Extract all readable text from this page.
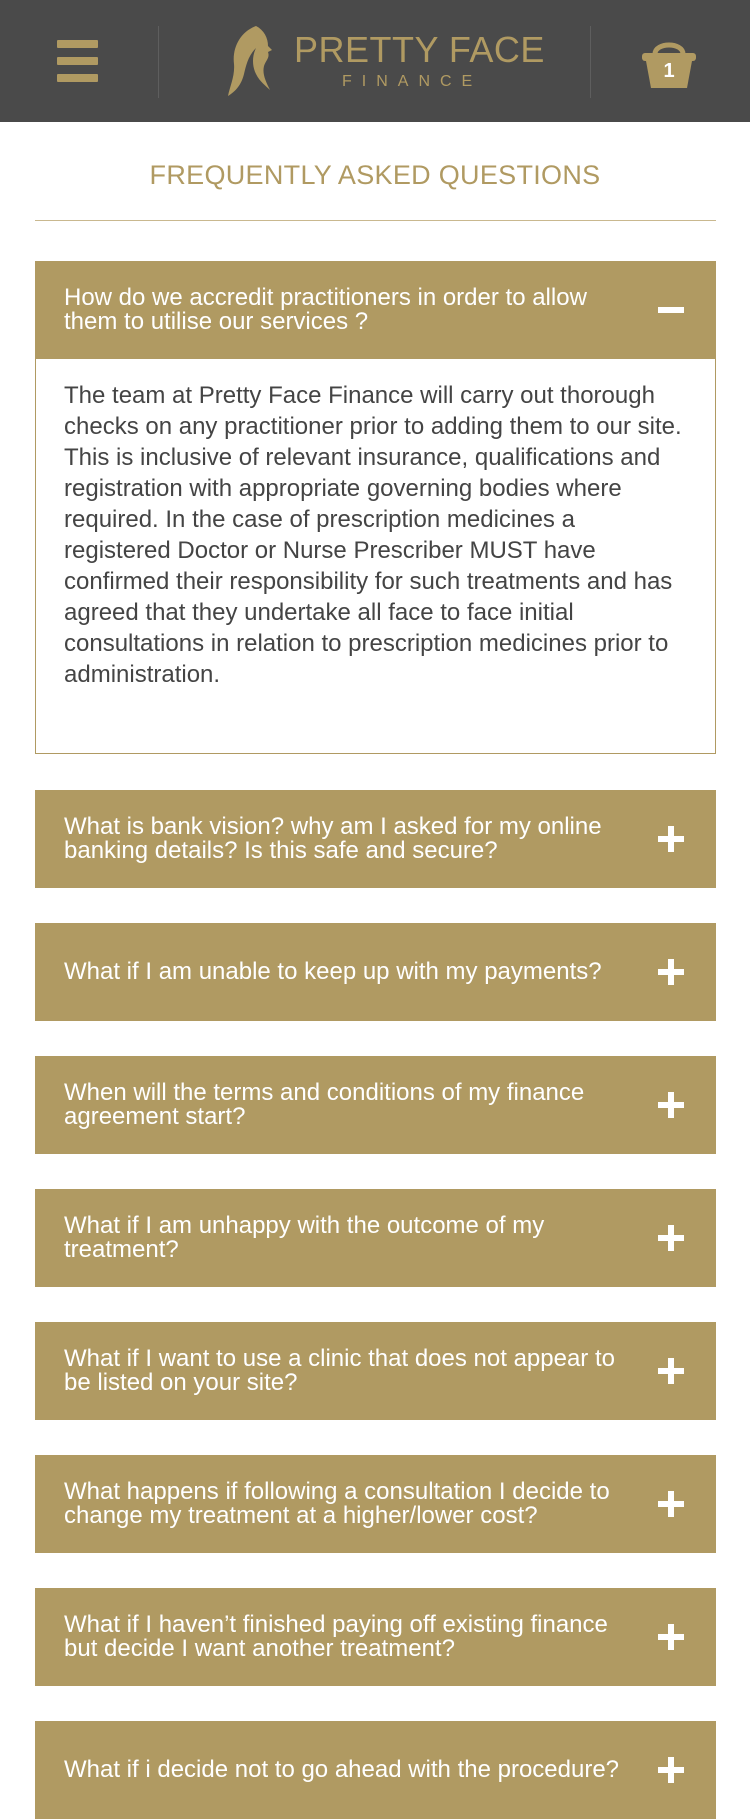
PRETTY FACE
FINANCE	1
FREQUENTLY ASKED QUESTIONS
How do we accredit practitioners in order to allow them to utilise our services ?

The team at Pretty Face Finance will carry out thorough checks on any practitioner prior to adding them to our site. This is inclusive of relevant insurance, qualifications and registration with appropriate governing bodies where required. In the case of prescription medicines a registered Doctor or Nurse Prescriber MUST have

confirmed their responsibility for such treatments and has agreed that they undertake all face to face initial consultations in relation to prescription medicines prior to administration.

What is bank vision? why am I asked for my online banking details? Is this safe and secure?
What if I am unable to keep up with my payments?
When will the terms and conditions of my finance agreement start?
What if I am unhappy with the outcome of my treatment?
What if I want to use a clinic that does not appear to be listed on your site?
What happens if following a consultation I decide to change my treatment at a higher/lower cost?
What if I haven’t finished paying off existing finance but decide I want another treatment?
What if i decide not to go ahead with the procedure?
